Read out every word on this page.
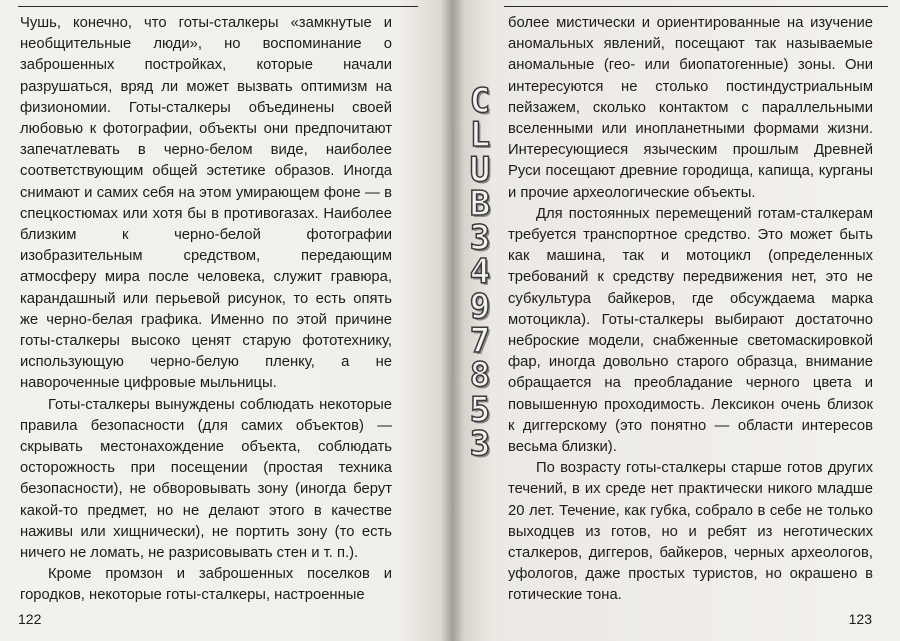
Чушь, конечно, что готы-сталкеры «замкнутые и необщительные люди», но воспоминание о заброшенных постройках, которые начали разрушаться, вряд ли может вызвать оптимизм на физиономии. Готы-сталкеры объединены своей любовью к фотографии, объекты они предпочитают запечатлевать в черно-белом виде, наиболее соответствующим общей эстетике образов. Иногда снимают и самих себя на этом умирающем фоне — в спецкостюмах или хотя бы в противогазах. Наиболее близким к черно-белой фотографии изобразительным средством, передающим атмосферу мира после человека, служит гравюра, карандашный или перьевой рисунок, то есть опять же черно-белая графика. Именно по этой причине готы-сталкеры высоко ценят старую фототехнику, использующую черно-белую пленку, а не навороченные цифровые мыльницы.

Готы-сталкеры вынуждены соблюдать некоторые правила безопасности (для самих объектов) — скрывать местонахождение объекта, соблюдать осторожность при посещении (простая техника безопасности), не обворовывать зону (иногда берут какой-то предмет, но не делают этого в качестве наживы или хищнически), не портить зону (то есть ничего не ломать, не разрисовывать стен и т. п.).

Кроме промзон и заброшенных поселков и городков, некоторые готы-сталкеры, настроенные

122

более мистически и ориентированные на изучение аномальных явлений, посещают так называемые аномальные (гео- или биопатогенные) зоны. Они интересуются не столько постиндустриальным пейзажем, сколько контактом с параллельными вселенными или инопланетными формами жизни. Интересующиеся языческим прошлым Древней Руси посещают древние городища, капища, курганы и прочие археологические объекты.

Для постоянных перемещений готам-сталкерам требуется транспортное средство. Это может быть как машина, так и мотоцикл (определенных требований к средству передвижения нет, это не субкультура байкеров, где обсуждаема марка мотоцикла). Готы-сталкеры выбирают достаточно неброские модели, снабженные светомаскировкой фар, иногда довольно старого образца, внимание обращается на преобладание черного цвета и повышенную проходимость. Лексикон очень близок к диггерскому (это понятно — области интересов весьма близки).

По возрасту готы-сталкеры старше готов других течений, в их среде нет практически никого младше 20 лет. Течение, как губка, собрало в себе не только выходцев из готов, но и ребят из неготических сталкеров, диггеров, байкеров, черных археологов, уфологов, даже простых туристов, но окрашено в готические тона.

123
C
L
U
B
3
4
9
7
8
5
3
